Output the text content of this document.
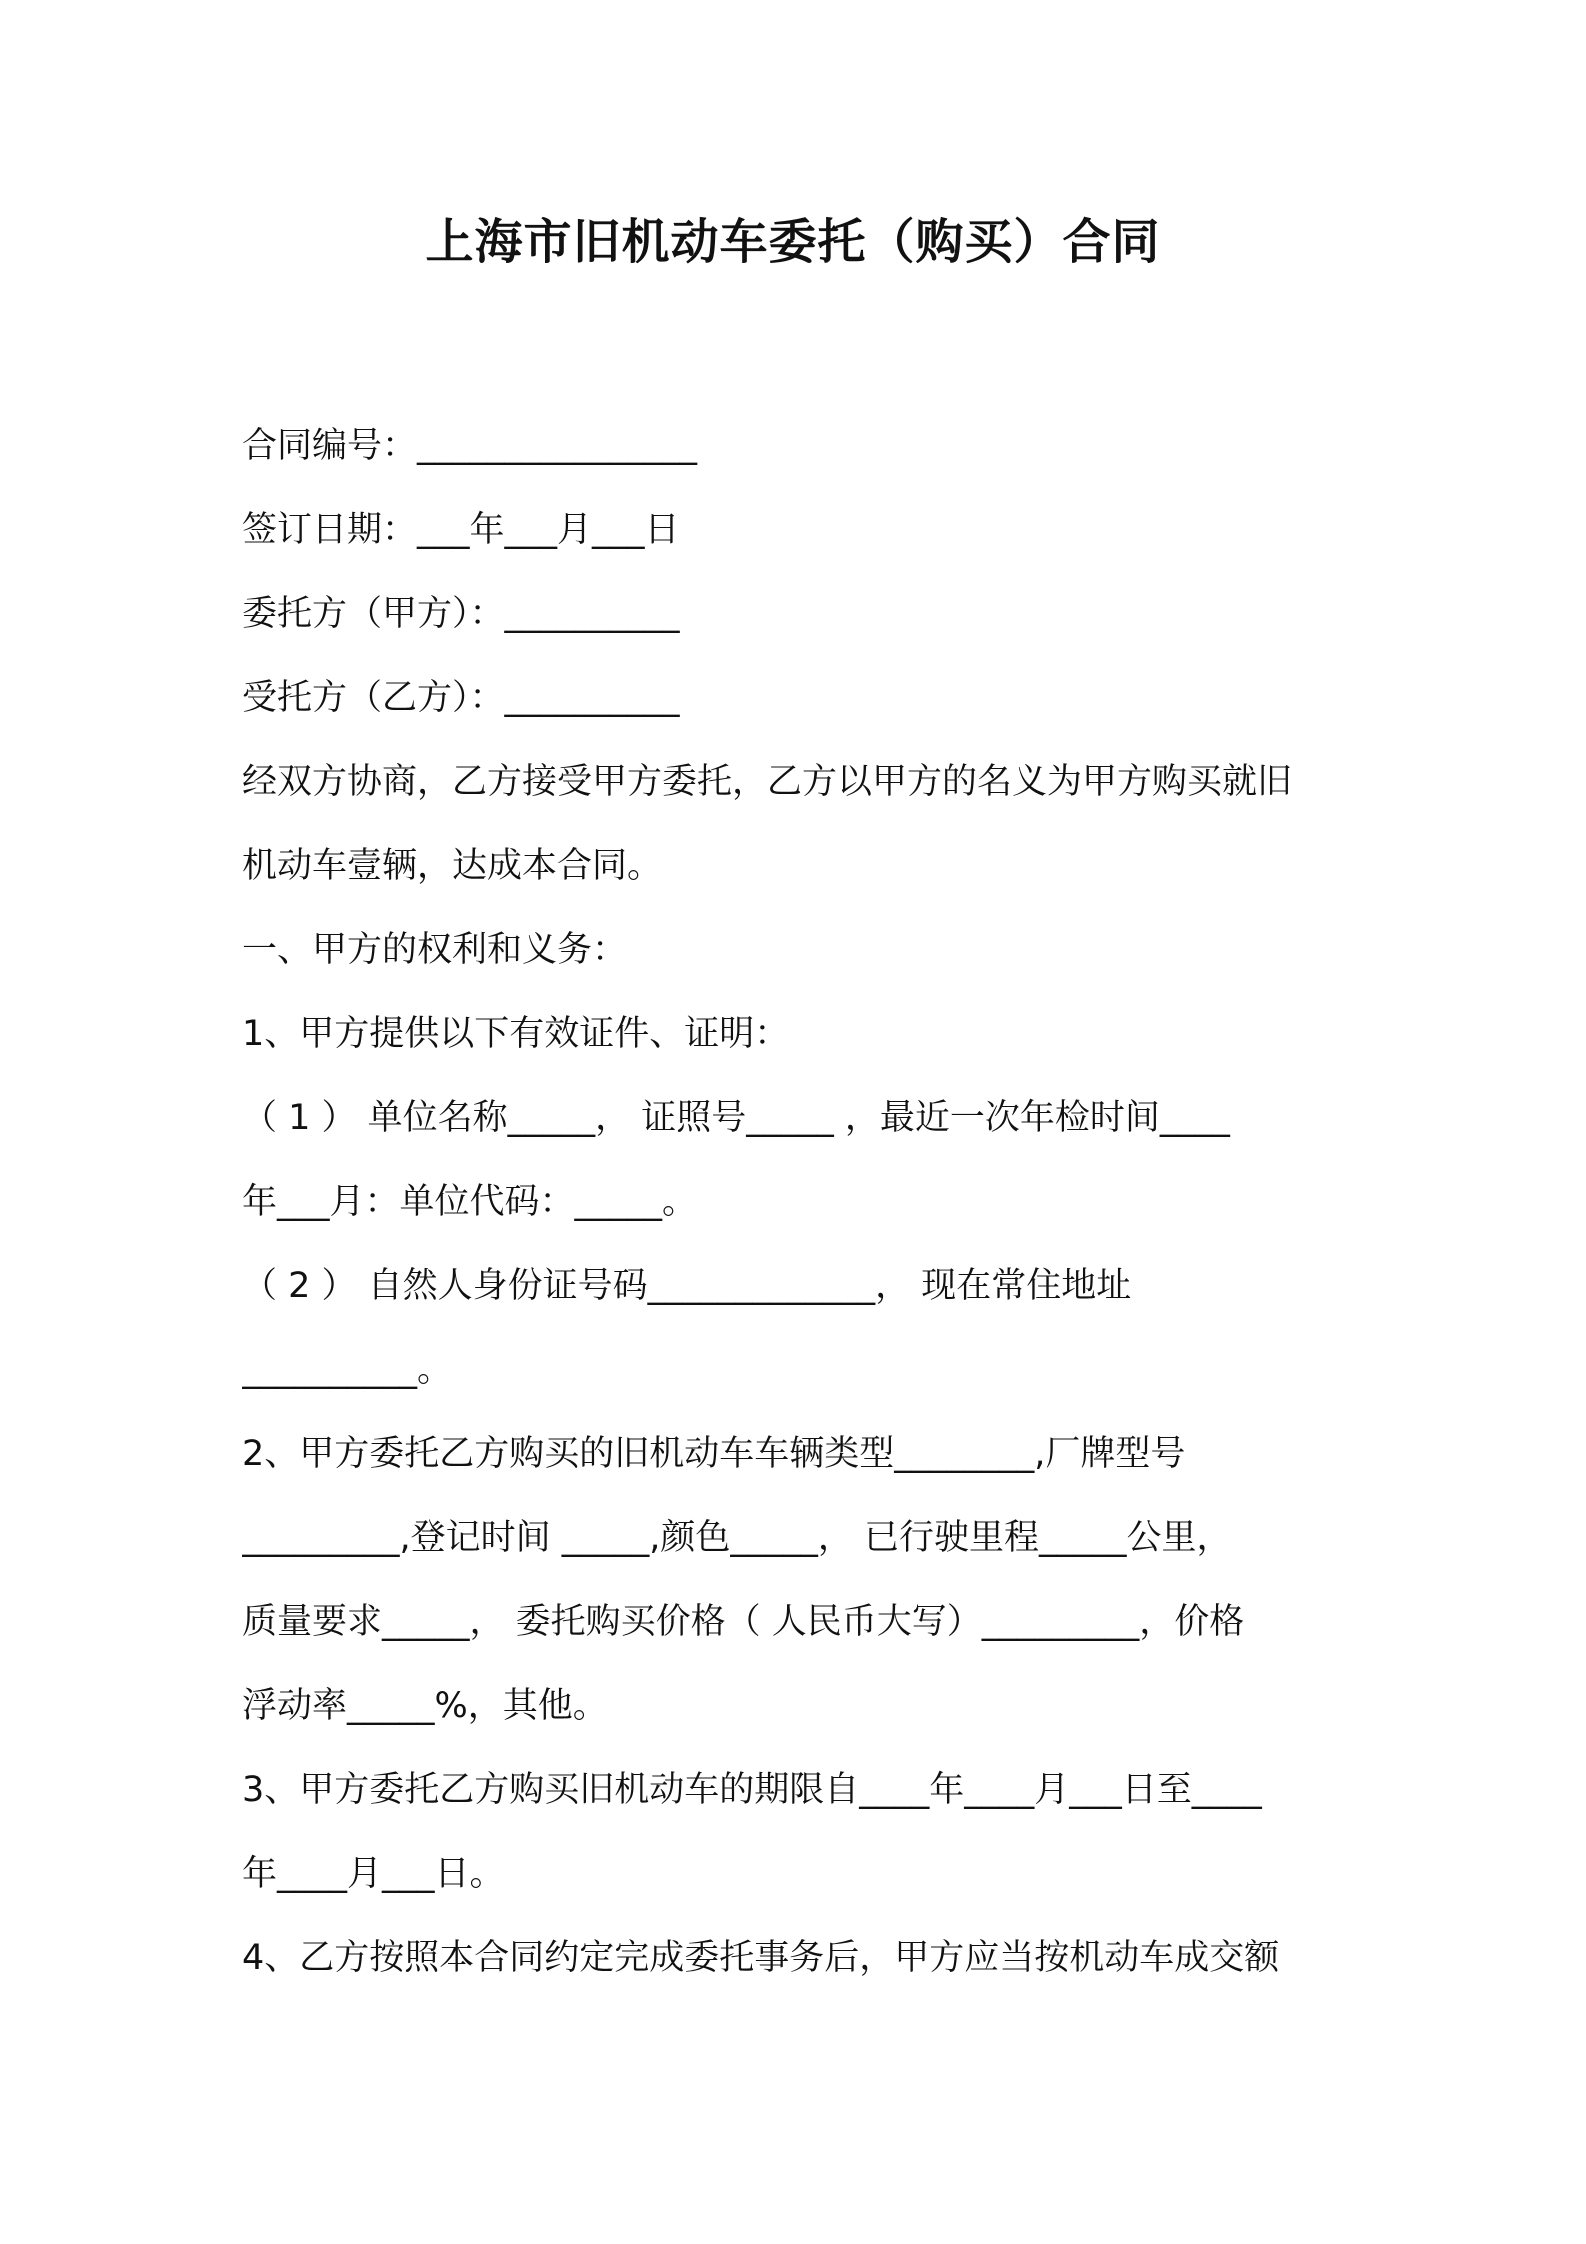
上海市旧机动车委托（购买）合同
合同编号：________________
签订日期：___年___月___日
委托方（甲方）：__________
受托方（乙方）：__________
经双方协商，乙方接受甲方委托，乙方以甲方的名义为甲方购买就旧
机动车壹辆，达成本合同。
一、甲方的权利和义务：
1、甲方提供以下有效证件、证明：
（ 1 ） 单位名称_____， 证照号_____ ，最近一次年检时间____
年___月：单位代码：_____。
（ 2 ） 自然人身份证号码_____________， 现在常住地址
__________。
2、甲方委托乙方购买的旧机动车车辆类型________,厂牌型号
_________,登记时间 _____,颜色_____， 已行驶里程_____公里，
质量要求_____， 委托购买价格（ 人民币大写）_________，价格
浮动率_____%，其他。
3、甲方委托乙方购买旧机动车的期限自____年____月___日至____
年____月___日。
4、乙方按照本合同约定完成委托事务后，甲方应当按机动车成交额
